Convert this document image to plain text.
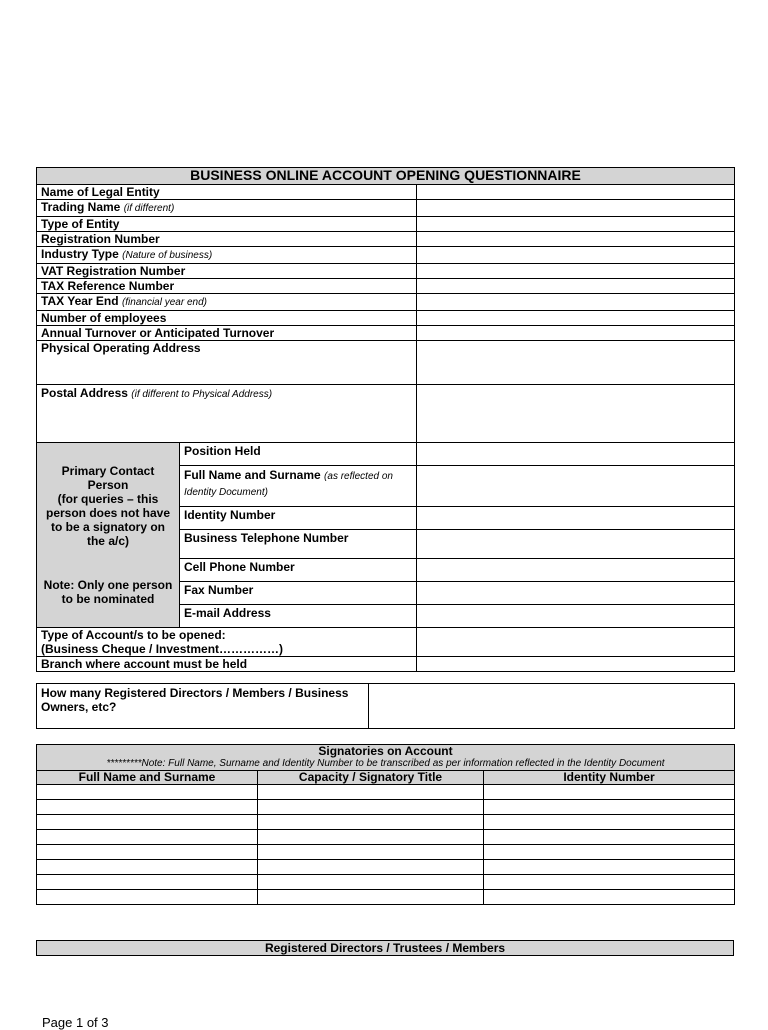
BUSINESS ONLINE ACCOUNT OPENING QUESTIONNAIRE		
Name of Legal Entity		
Trading Name (if different)		
Type of Entity		
Registration Number		
Industry Type (Nature of business)		
VAT Registration Number		
TAX Reference Number		
TAX Year End (financial year end)		
Number of employees		
Annual Turnover or Anticipated Turnover		
Physical Operating Address		
Postal Address (if different to Physical Address)		

Primary Contact Person
(for queries – this person does not have to be a signatory on the a/c)
Note: Only one person to be nominated	Position Held	
	Full Name and Surname (as reflected on Identity Document)	
	Identity Number	
	Business Telephone Number	
	Cell Phone Number	
	Fax Number	
	E-mail Address	

Type of Account/s to be opened:
(Business Cheque / Investment……………)		

Branch where account must be held		
How many Registered Directors / Members / Business Owners, etc?	
Signatories on Account
*********Note: Full Name, Surname and Identity Number to be transcribed as per information reflected in the Identity Document		

Full Name and Surname	Capacity / Signatory Title	Identity Number

Registered Directors / Trustees / Members
Page 1 of 3
